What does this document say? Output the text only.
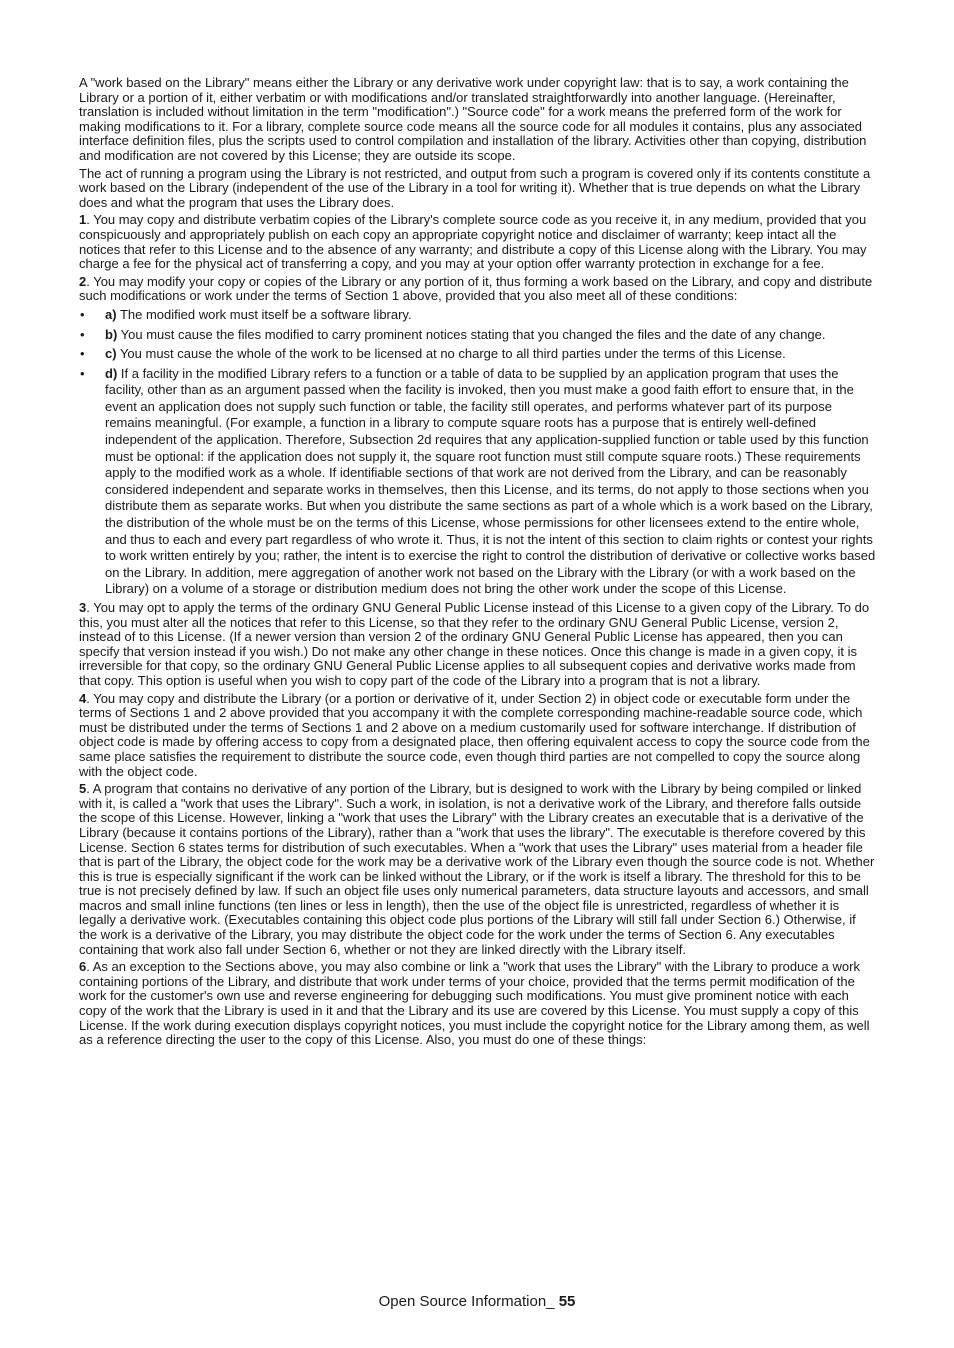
A "work based on the Library" means either the Library or any derivative work under copyright law: that is to say, a work containing the Library or a portion of it, either verbatim or with modifications and/or translated straightforwardly into another language. (Hereinafter, translation is included without limitation in the term "modification".) "Source code" for a work means the preferred form of the work for making modifications to it. For a library, complete source code means all the source code for all modules it contains, plus any associated interface definition files, plus the scripts used to control compilation and installation of the library. Activities other than copying, distribution and modification are not covered by this License; they are outside its scope.

The act of running a program using the Library is not restricted, and output from such a program is covered only if its contents constitute a work based on the Library (independent of the use of the Library in a tool for writing it). Whether that is true depends on what the Library does and what the program that uses the Library does.

1. You may copy and distribute verbatim copies of the Library's complete source code as you receive it, in any medium, provided that you conspicuously and appropriately publish on each copy an appropriate copyright notice and disclaimer of warranty; keep intact all the notices that refer to this License and to the absence of any warranty; and distribute a copy of this License along with the Library. You may charge a fee for the physical act of transferring a copy, and you may at your option offer warranty protection in exchange for a fee.

2. You may modify your copy or copies of the Library or any portion of it, thus forming a work based on the Library, and copy and distribute such modifications or work under the terms of Section 1 above, provided that you also meet all of these conditions:

• a) The modified work must itself be a software library.
• b) You must cause the files modified to carry prominent notices stating that you changed the files and the date of any change.
• c) You must cause the whole of the work to be licensed at no charge to all third parties under the terms of this License.
• d) If a facility in the modified Library refers to a function or a table of data to be supplied by an application program that uses the facility, other than as an argument passed when the facility is invoked, then you must make a good faith effort to ensure that, in the event an application does not supply such function or table, the facility still operates, and performs whatever part of its purpose remains meaningful. (For example, a function in a library to compute square roots has a purpose that is entirely well-defined independent of the application. Therefore, Subsection 2d requires that any application-supplied function or table used by this function must be optional: if the application does not supply it, the square root function must still compute square roots.) These requirements apply to the modified work as a whole. If identifiable sections of that work are not derived from the Library, and can be reasonably considered independent and separate works in themselves, then this License, and its terms, do not apply to those sections when you distribute them as separate works. But when you distribute the same sections as part of a whole which is a work based on the Library, the distribution of the whole must be on the terms of this License, whose permissions for other licensees extend to the entire whole, and thus to each and every part regardless of who wrote it. Thus, it is not the intent of this section to claim rights or contest your rights to work written entirely by you; rather, the intent is to exercise the right to control the distribution of derivative or collective works based on the Library. In addition, mere aggregation of another work not based on the Library with the Library (or with a work based on the Library) on a volume of a storage or distribution medium does not bring the other work under the scope of this License.

3. You may opt to apply the terms of the ordinary GNU General Public License instead of this License to a given copy of the Library. To do this, you must alter all the notices that refer to this License, so that they refer to the ordinary GNU General Public License, version 2, instead of to this License. (If a newer version than version 2 of the ordinary GNU General Public License has appeared, then you can specify that version instead if you wish.) Do not make any other change in these notices. Once this change is made in a given copy, it is irreversible for that copy, so the ordinary GNU General Public License applies to all subsequent copies and derivative works made from that copy. This option is useful when you wish to copy part of the code of the Library into a program that is not a library.

4. You may copy and distribute the Library (or a portion or derivative of it, under Section 2) in object code or executable form under the terms of Sections 1 and 2 above provided that you accompany it with the complete corresponding machine-readable source code, which must be distributed under the terms of Sections 1 and 2 above on a medium customarily used for software interchange. If distribution of object code is made by offering access to copy from a designated place, then offering equivalent access to copy the source code from the same place satisfies the requirement to distribute the source code, even though third parties are not compelled to copy the source along with the object code.

5. A program that contains no derivative of any portion of the Library, but is designed to work with the Library by being compiled or linked with it, is called a "work that uses the Library". Such a work, in isolation, is not a derivative work of the Library, and therefore falls outside the scope of this License. However, linking a "work that uses the Library" with the Library creates an executable that is a derivative of the Library (because it contains portions of the Library), rather than a "work that uses the library". The executable is therefore covered by this License. Section 6 states terms for distribution of such executables. When a "work that uses the Library" uses material from a header file that is part of the Library, the object code for the work may be a derivative work of the Library even though the source code is not. Whether this is true is especially significant if the work can be linked without the Library, or if the work is itself a library. The threshold for this to be true is not precisely defined by law. If such an object file uses only numerical parameters, data structure layouts and accessors, and small macros and small inline functions (ten lines or less in length), then the use of the object file is unrestricted, regardless of whether it is legally a derivative work. (Executables containing this object code plus portions of the Library will still fall under Section 6.) Otherwise, if the work is a derivative of the Library, you may distribute the object code for the work under the terms of Section 6. Any executables containing that work also fall under Section 6, whether or not they are linked directly with the Library itself.

6. As an exception to the Sections above, you may also combine or link a "work that uses the Library" with the Library to produce a work containing portions of the Library, and distribute that work under terms of your choice, provided that the terms permit modification of the work for the customer's own use and reverse engineering for debugging such modifications. You must give prominent notice with each copy of the work that the Library is used in it and that the Library and its use are covered by this License. You must supply a copy of this License. If the work during execution displays copyright notices, you must include the copyright notice for the Library among them, as well as a reference directing the user to the copy of this License. Also, you must do one of these things:

Open Source Information_ 55
